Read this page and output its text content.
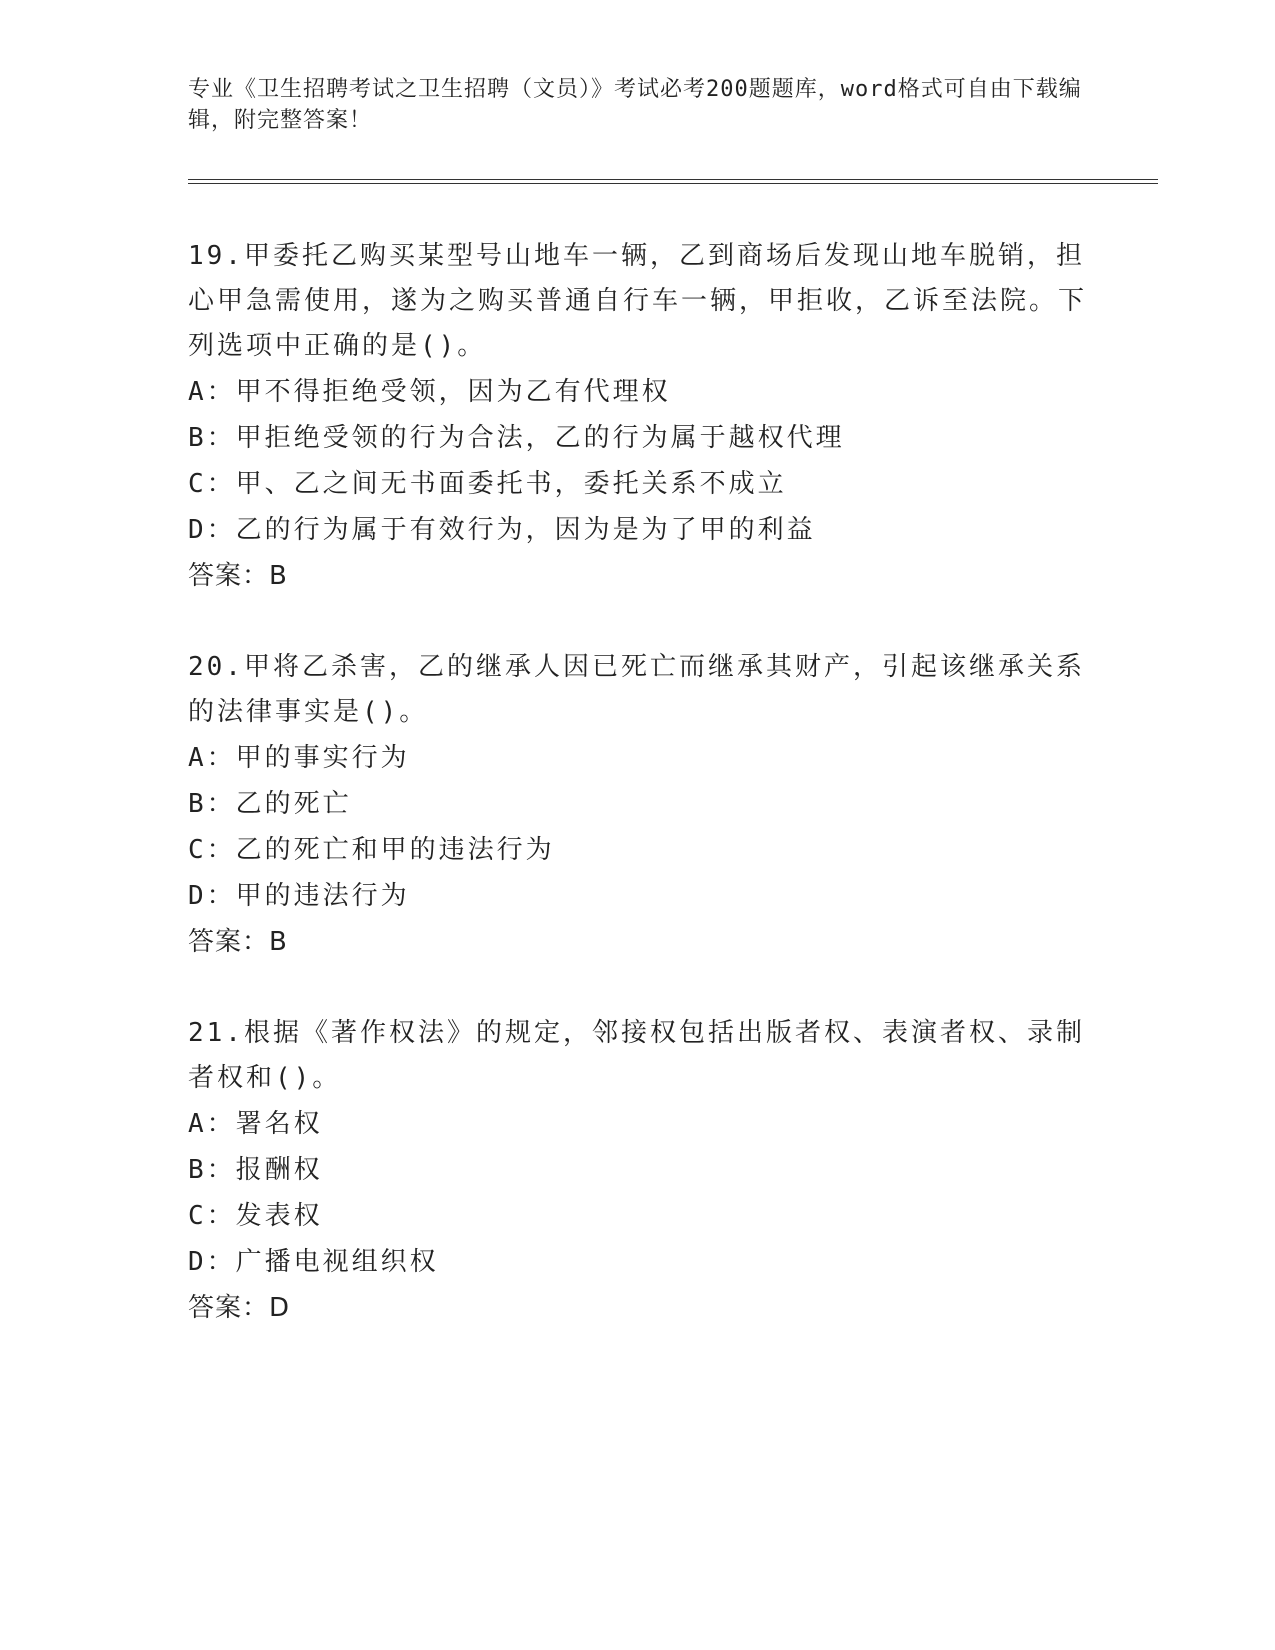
专业《卫生招聘考试之卫生招聘（文员）》考试必考200题题库，word格式可自由下载编辑，附完整答案！

19.甲委托乙购买某型号山地车一辆，乙到商场后发现山地车脱销，担心甲急需使用，遂为之购买普通自行车一辆，甲拒收，乙诉至法院。下列选项中正确的是()。

A：甲不得拒绝受领，因为乙有代理权

B：甲拒绝受领的行为合法，乙的行为属于越权代理

C：甲、乙之间无书面委托书，委托关系不成立

D：乙的行为属于有效行为，因为是为了甲的利益

答案：B

20.甲将乙杀害，乙的继承人因已死亡而继承其财产，引起该继承关系的法律事实是()。

A：甲的事实行为

B：乙的死亡

C：乙的死亡和甲的违法行为

D：甲的违法行为

答案：B

21.根据《著作权法》的规定，邻接权包括出版者权、表演者权、录制者权和()。

A：署名权

B：报酬权

C：发表权

D：广播电视组织权

答案：D
